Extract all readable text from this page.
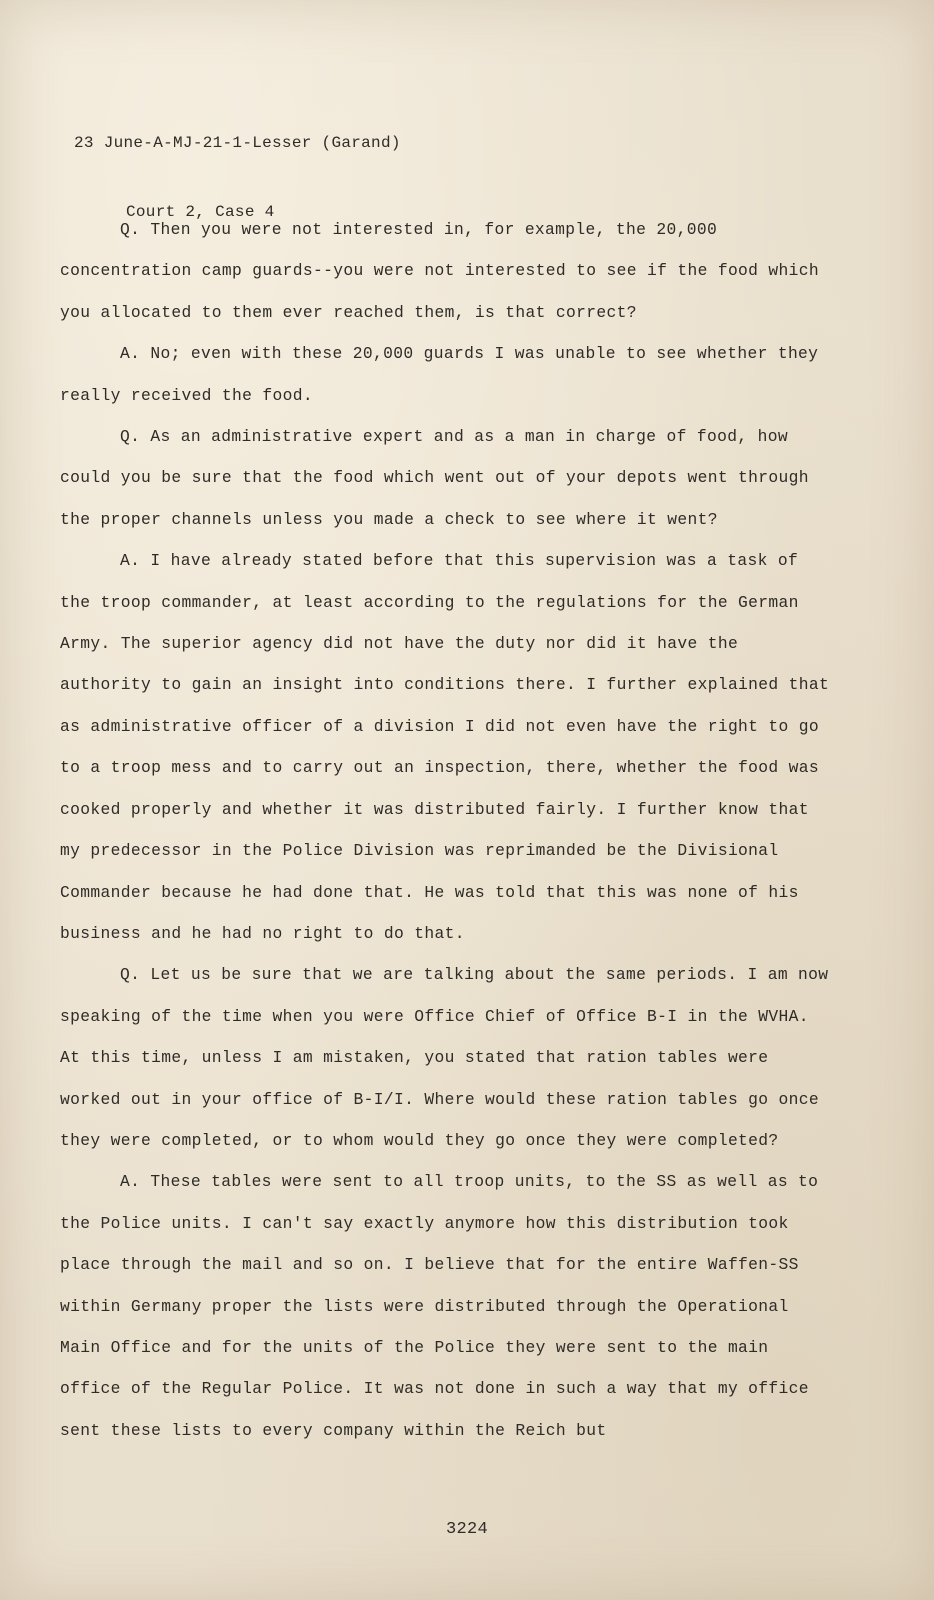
23 June-A-MJ-21-1-Lesser (Garand)

Court 2, Case 4

Q. Then you were not interested in, for example, the 20,000 concentration camp guards--you were not interested to see if the food which you allocated to them ever reached them, is that correct?

A. No; even with these 20,000 guards I was unable to see whether they really received the food.

Q. As an administrative expert and as a man in charge of food, how could you be sure that the food which went out of your depots went through the proper channels unless you made a check to see where it went?

A. I have already stated before that this supervision was a task of the troop commander, at least according to the regulations for the German Army. The superior agency did not have the duty nor did it have the authority to gain an insight into conditions there. I further explained that as administrative officer of a division I did not even have the right to go to a troop mess and to carry out an inspection, there, whether the food was cooked properly and whether it was distributed fairly. I further know that my predecessor in the Police Division was reprimanded be the Divisional Commander because he had done that. He was told that this was none of his business and he had no right to do that.

Q. Let us be sure that we are talking about the same periods. I am now speaking of the time when you were Office Chief of Office B-I in the WVHA. At this time, unless I am mistaken, you stated that ration tables were worked out in your office of B-I/I. Where would these ration tables go once they were completed, or to whom would they go once they were completed?

A. These tables were sent to all troop units, to the SS as well as to the Police units. I can't say exactly anymore how this distribution took place through the mail and so on. I believe that for the entire Waffen-SS within Germany proper the lists were distributed through the Operational Main Office and for the units of the Police they were sent to the main office of the Regular Police. It was not done in such a way that my office sent these lists to every company within the Reich but

3224
